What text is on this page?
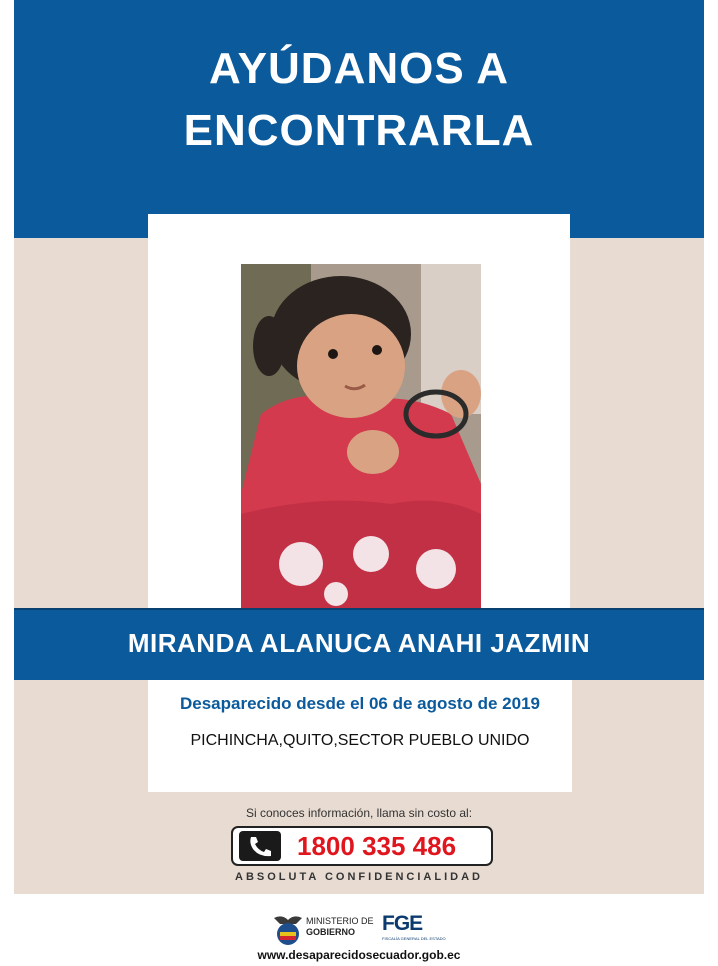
AYÚDANOS A
ENCONTRARLA
MIRANDA ALANUCA ANAHI JAZMIN
Desaparecido desde el 06 de agosto de 2019
PICHINCHA,QUITO,SECTOR PUEBLO UNIDO
Si conoces información, llama sin costo al:
1800 335 486
ABSOLUTA CONFIDENCIALIDAD
MINISTERIO DE
GOBIERNO	FGE
FISCALÍA GENERAL DEL ESTADO
www.desaparecidosecuador.gob.ec
